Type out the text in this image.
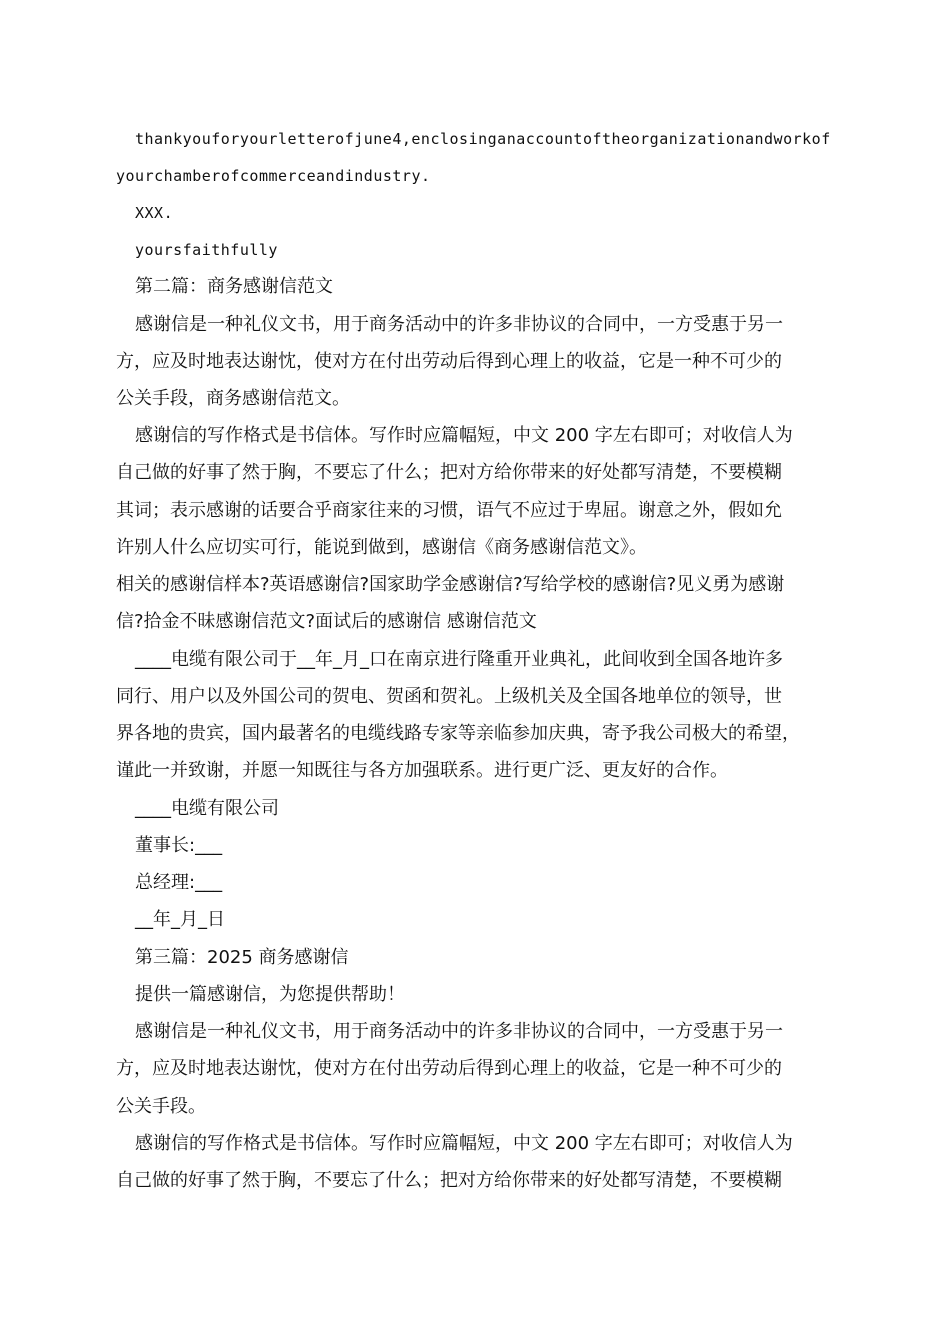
thankyouforyourletterofjune4,enclosinganaccountoftheorganizationandworkof
yourchamberofcommerceandindustry.
XXX.
yoursfaithfully
第二篇：商务感谢信范文
感谢信是一种礼仪文书，用于商务活动中的许多非协议的合同中，一方受惠于另一
方，应及时地表达谢忱，使对方在付出劳动后得到心理上的收益，它是一种不可少的
公关手段，商务感谢信范文。
感谢信的写作格式是书信体。写作时应篇幅短，中文 200 字左右即可；对收信人为
自己做的好事了然于胸，不要忘了什么；把对方给你带来的好处都写清楚，不要模糊
其词；表示感谢的话要合乎商家往来的习惯，语气不应过于卑屈。谢意之外，假如允
许别人什么应切实可行，能说到做到，感谢信《商务感谢信范文》。
相关的感谢信样本?英语感谢信?国家助学金感谢信?写给学校的感谢信?见义勇为感谢
信?拾金不昧感谢信范文?面试后的感谢信 感谢信范文
____电缆有限公司于__年_月_口在南京进行隆重开业典礼，此间收到全国各地许多
同行、用户以及外国公司的贺电、贺函和贺礼。上级机关及全国各地单位的领导，世
界各地的贵宾，国内最著名的电缆线路专家等亲临参加庆典，寄予我公司极大的希望，
谨此一并致谢，并愿一知既往与各方加强联系。进行更广泛、更友好的合作。
____电缆有限公司
董事长:___
总经理:___
__年_月_日
第三篇：2025 商务感谢信
提供一篇感谢信，为您提供帮助！
感谢信是一种礼仪文书，用于商务活动中的许多非协议的合同中，一方受惠于另一
方，应及时地表达谢忱，使对方在付出劳动后得到心理上的收益，它是一种不可少的
公关手段。
感谢信的写作格式是书信体。写作时应篇幅短，中文 200 字左右即可；对收信人为
自己做的好事了然于胸，不要忘了什么；把对方给你带来的好处都写清楚，不要模糊
